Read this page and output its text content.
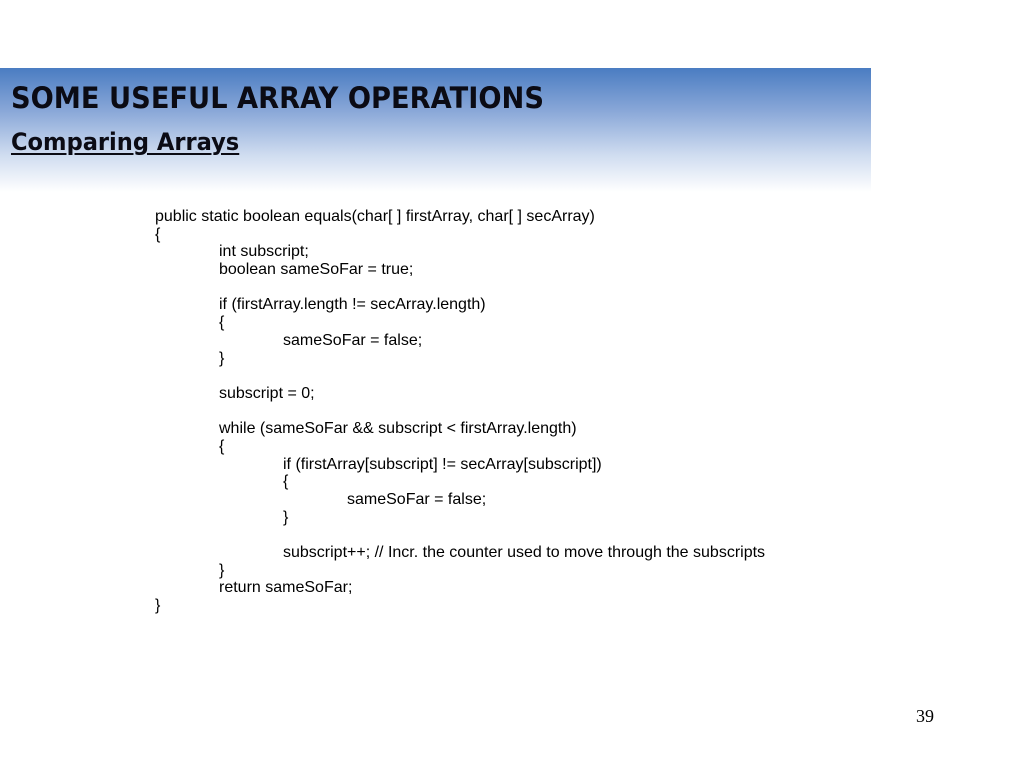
SOME USEFUL ARRAY OPERATIONS
Comparing Arrays
public static boolean equals(char[ ] firstArray, char[ ] secArray)
{
int subscript;
boolean sameSoFar = true;
if (firstArray.length != secArray.length)
{
sameSoFar = false;
}
subscript = 0;
while (sameSoFar && subscript < firstArray.length)
{
if (firstArray[subscript] != secArray[subscript])
{
sameSoFar = false;
}
subscript++; // Incr. the counter used to move through the subscripts
}
return sameSoFar;
}
39
